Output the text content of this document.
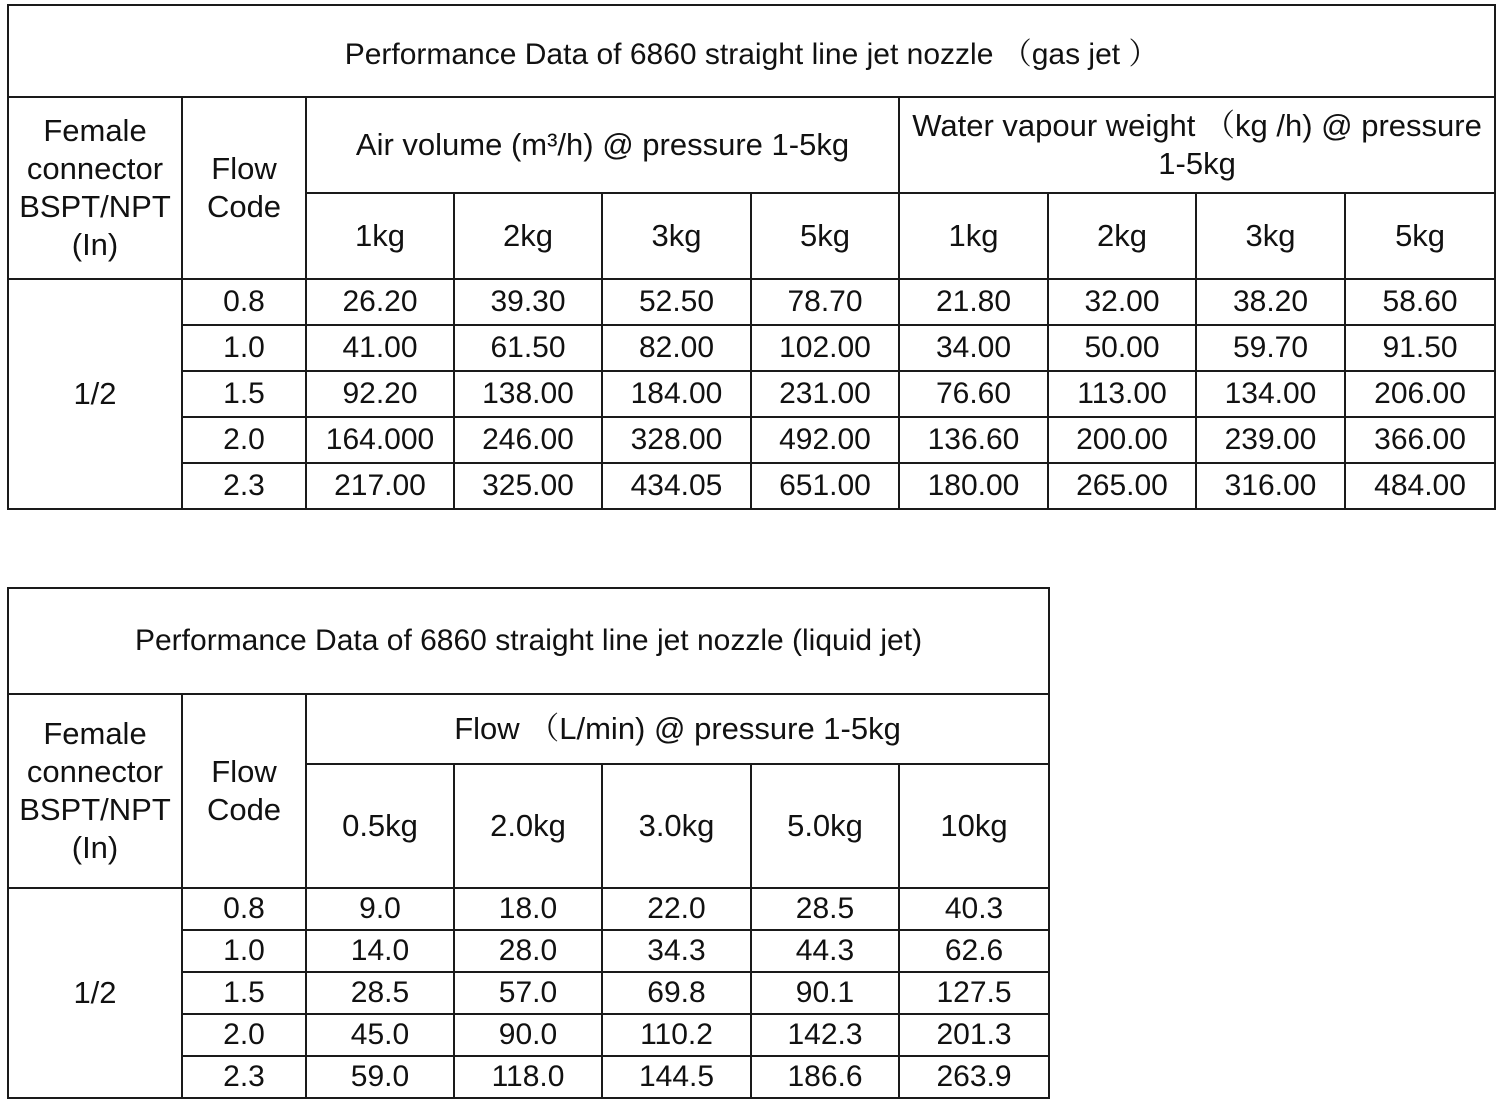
Performance Data of 6860 straight line jet nozzle （gas jet ）									
Female connector BSPT/NPT (In)	Flow Code	Air volume (m³/h) @ pressure 1-5kg				Water vapour weight （kg /h) @ pressure 1-5kg			
		1kg	2kg	3kg	5kg	1kg	2kg	3kg	5kg
1/2	0.8	26.20	39.30	52.50	78.70	21.80	32.00	38.20	58.60
	1.0	41.00	61.50	82.00	102.00	34.00	50.00	59.70	91.50
	1.5	92.20	138.00	184.00	231.00	76.60	113.00	134.00	206.00
	2.0	164.000	246.00	328.00	492.00	136.60	200.00	239.00	366.00
	2.3	217.00	325.00	434.05	651.00	180.00	265.00	316.00	484.00
Performance Data of 6860 straight line jet nozzle (liquid jet)						
Female connector BSPT/NPT (In)	Flow Code	Flow （L/min) @ pressure 1-5kg				
		0.5kg	2.0kg	3.0kg	5.0kg	10kg
1/2	0.8	9.0	18.0	22.0	28.5	40.3
	1.0	14.0	28.0	34.3	44.3	62.6
	1.5	28.5	57.0	69.8	90.1	127.5
	2.0	45.0	90.0	110.2	142.3	201.3
	2.3	59.0	118.0	144.5	186.6	263.9
